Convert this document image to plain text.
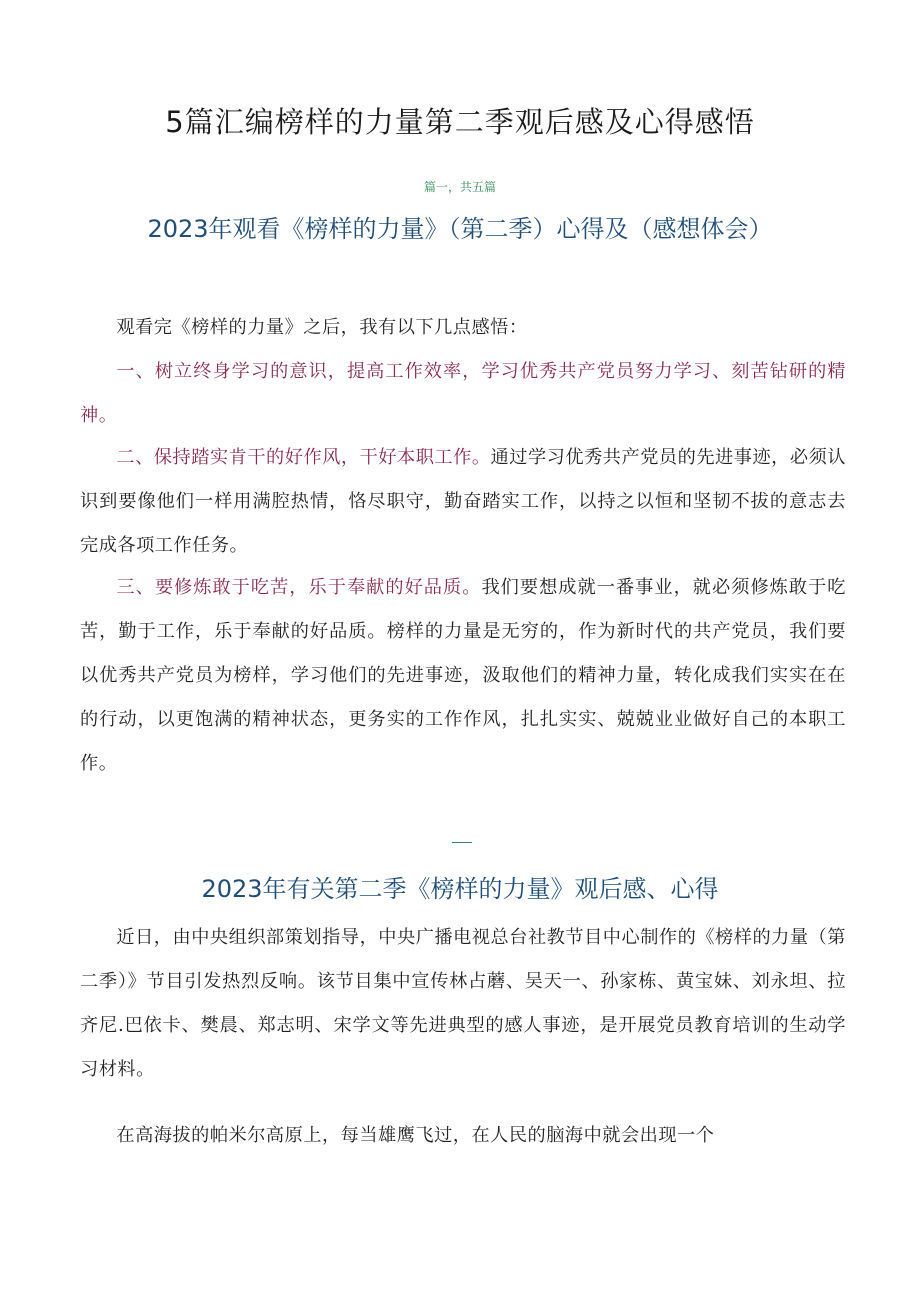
5篇汇编榜样的力量第二季观后感及心得感悟

篇一，共五篇

2023年观看《榜样的力量》（第二季）心得及（感想体会）

观看完《榜样的力量》之后，我有以下几点感悟：

一、树立终身学习的意识，提高工作效率，学习优秀共产党员努力学习、刻苦钻研的精神。

二、保持踏实肯干的好作风，干好本职工作。通过学习优秀共产党员的先进事迹，必须认识到要像他们一样用满腔热情，恪尽职守，勤奋踏实工作，以持之以恒和坚韧不拔的意志去完成各项工作任务。

三、要修炼敢于吃苦，乐于奉献的好品质。我们要想成就一番事业，就必须修炼敢于吃苦，勤于工作，乐于奉献的好品质。榜样的力量是无穷的，作为新时代的共产党员，我们要以优秀共产党员为榜样，学习他们的先进事迹，汲取他们的精神力量，转化成我们实实在在的行动，以更饱满的精神状态，更务实的工作作风，扎扎实实、兢兢业业做好自己的本职工作。

2023年有关第二季《榜样的力量》观后感、心得

近日，由中央组织部策划指导，中央广播电视总台社教节目中心制作的《榜样的力量（第二季）》节目引发热烈反响。该节目集中宣传林占蘑、吴天一、孙家栋、黄宝妹、刘永坦、拉齐尼.巴依卡、樊晨、郑志明、宋学文等先进典型的感人事迹，是开展党员教育培训的生动学习材料。

在高海拔的帕米尔高原上，每当雄鹰飞过，在人民的脑海中就会出现一个
